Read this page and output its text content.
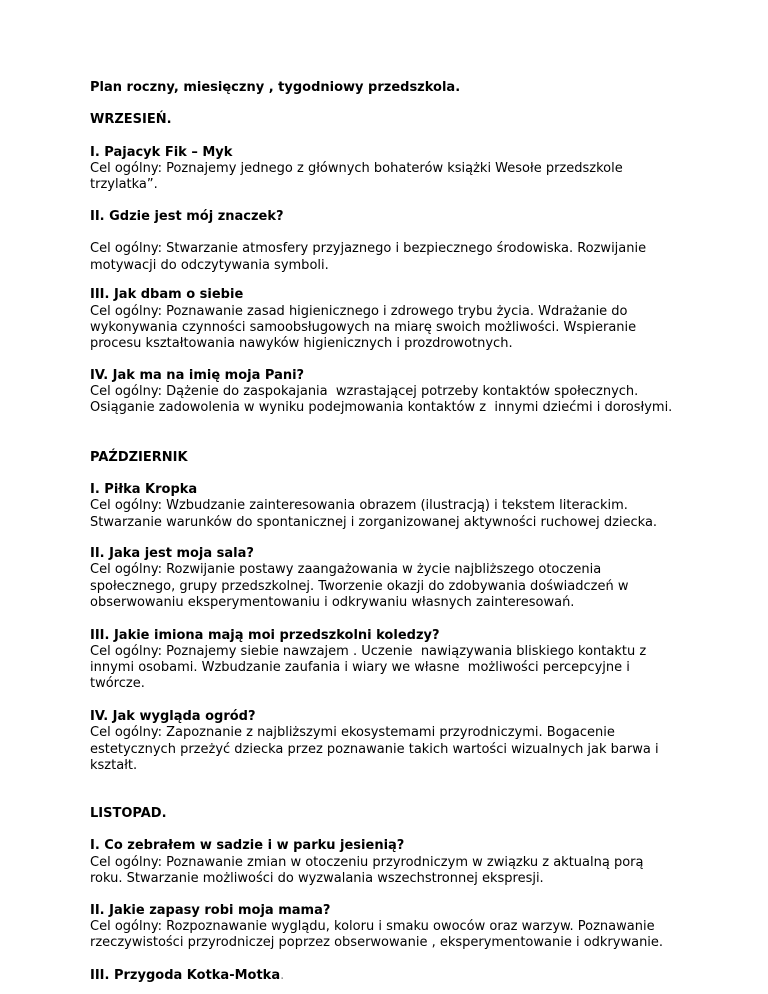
Plan roczny, miesięczny , tygodniowy przedszkola.
WRZESIEŃ.
I. Pajacyk Fik – Myk
Cel ogólny: Poznajemy jednego z głównych bohaterów książki Wesołe przedszkole
trzylatka”.
II. Gdzie jest mój znaczek?
Cel ogólny: Stwarzanie atmosfery przyjaznego i bezpiecznego środowiska. Rozwijanie
motywacji do odczytywania symboli.
III. Jak dbam o siebie
Cel ogólny: Poznawanie zasad higienicznego i zdrowego trybu życia. Wdrażanie do
wykonywania czynności samoobsługowych na miarę swoich możliwości. Wspieranie
procesu kształtowania nawyków higienicznych i prozdrowotnych.
IV. Jak ma na imię moja Pani?
Cel ogólny: Dążenie do zaspokajania  wzrastającej potrzeby kontaktów społecznych.
Osiąganie zadowolenia w wyniku podejmowania kontaktów z  innymi dziećmi i dorosłymi.
PAŹDZIERNIK
I. Piłka Kropka
Cel ogólny: Wzbudzanie zainteresowania obrazem (ilustracją) i tekstem literackim.
Stwarzanie warunków do spontanicznej i zorganizowanej aktywności ruchowej dziecka.
II. Jaka jest moja sala?
Cel ogólny: Rozwijanie postawy zaangażowania w życie najbliższego otoczenia
społecznego, grupy przedszkolnej. Tworzenie okazji do zdobywania doświadczeń w
obserwowaniu eksperymentowaniu i odkrywaniu własnych zainteresowań.
III. Jakie imiona mają moi przedszkolni koledzy?
Cel ogólny: Poznajemy siebie nawzajem . Uczenie  nawiązywania bliskiego kontaktu z
innymi osobami. Wzbudzanie zaufania i wiary we własne  możliwości percepcyjne i
twórcze.
IV. Jak wygląda ogród?
Cel ogólny: Zapoznanie z najbliższymi ekosystemami przyrodniczymi. Bogacenie
estetycznych przeżyć dziecka przez poznawanie takich wartości wizualnych jak barwa i
kształt.
LISTOPAD.
I. Co zebrałem w sadzie i w parku jesienią?
Cel ogólny: Poznawanie zmian w otoczeniu przyrodniczym w związku z aktualną porą
roku. Stwarzanie możliwości do wyzwalania wszechstronnej ekspresji.
II. Jakie zapasy robi moja mama?
Cel ogólny: Rozpoznawanie wyglądu, koloru i smaku owoców oraz warzyw. Poznawanie
rzeczywistości przyrodniczej poprzez obserwowanie , eksperymentowanie i odkrywanie.
III. Przygoda Kotka-Motka.
